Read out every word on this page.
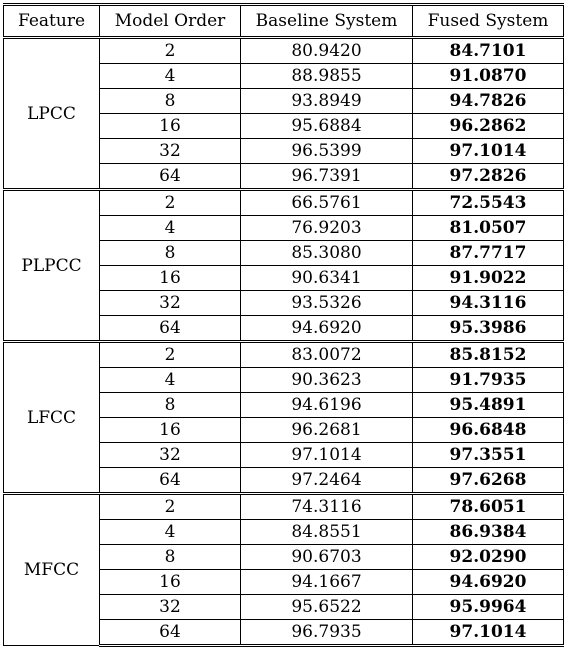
Feature	Model Order	Baseline System	Fused System
LPCC	2	80.9420	84.7101
	4	88.9855	91.0870
	8	93.8949	94.7826
	16	95.6884	96.2862
	32	96.5399	97.1014
	64	96.7391	97.2826
PLPCC	2	66.5761	72.5543
	4	76.9203	81.0507
	8	85.3080	87.7717
	16	90.6341	91.9022
	32	93.5326	94.3116
	64	94.6920	95.3986
LFCC	2	83.0072	85.8152
	4	90.3623	91.7935
	8	94.6196	95.4891
	16	96.2681	96.6848
	32	97.1014	97.3551
	64	97.2464	97.6268
MFCC	2	74.3116	78.6051
	4	84.8551	86.9384
	8	90.6703	92.0290
	16	94.1667	94.6920
	32	95.6522	95.9964
	64	96.7935	97.1014
